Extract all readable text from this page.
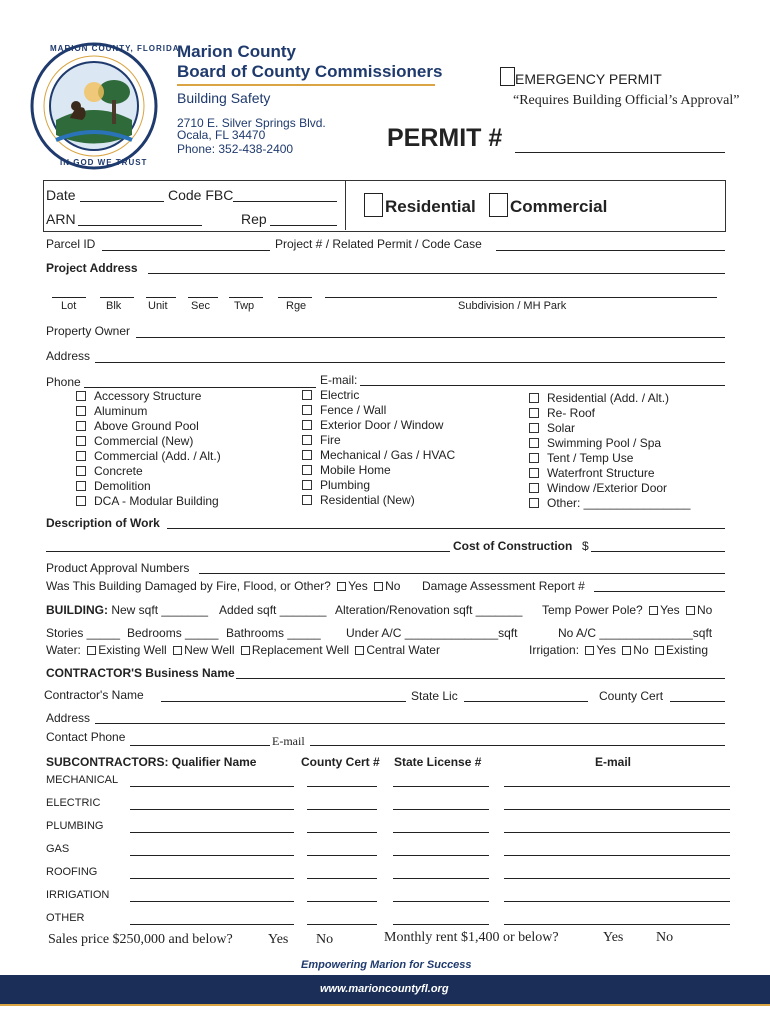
MARION COUNTY, FLORIDA
IN GOD WE TRUST
Marion County
Board of County Commissioners
Building Safety
2710 E. Silver Springs Blvd.
Ocala, FL 34470
Phone: 352-438-2400
EMERGENCY PERMIT
“Requires Building Official’s Approval”
PERMIT #
Date	Code FBC
ARN	Rep
Residential Commercial
Parcel ID	Project # / Related Permit / Code Case
Project Address
Lot	Blk Unit Sec Twp	Rge	Subdivision / MH Park
Property Owner
Address
Phone	E-mail:
Accessory Structure
Aluminum
Above Ground Pool
Commercial (New)
Commercial (Add. / Alt.)
Concrete
Demolition
DCA - Modular Building
Electric
Fence / Wall
Exterior Door / Window
Fire
Mechanical / Gas / HVAC
Mobile Home
Plumbing
Residential (New)
Residential (Add. / Alt.)
Re- Roof
Solar
Swimming Pool / Spa
Tent / Temp Use
Waterfront Structure
Window /Exterior Door
Other: ________________
Description of Work
Cost of Construction $
Product Approval Numbers
Was This Building Damaged by Fire, Flood, or Other? Yes No Damage Assessment Report #
BUILDING: New sqft _______ Added sqft _______ Alteration/Renovation sqft _______ Temp Power Pole? Yes No
Stories _____ Bedrooms _____ Bathrooms _____ Under A/C ______________sqft	No A/C ______________sqft
Water: Existing Well New Well Replacement Well Central Water	Irrigation: Yes No Existing
CONTRACTOR'S Business Name
Contractor's Name	State Lic	County Cert
Address
Contact Phone	E-mail
SUBCONTRACTORS: Qualifier Name	County Cert # State License #	E-mail
MECHANICAL
ELECTRIC
PLUMBING
GAS
ROOFING
IRRIGATION
OTHER
Sales price $250,000 and below?	Yes No	Monthly rent $1,400 or below?	Yes No
Empowering Marion for Success
www.marioncountyfl.org
